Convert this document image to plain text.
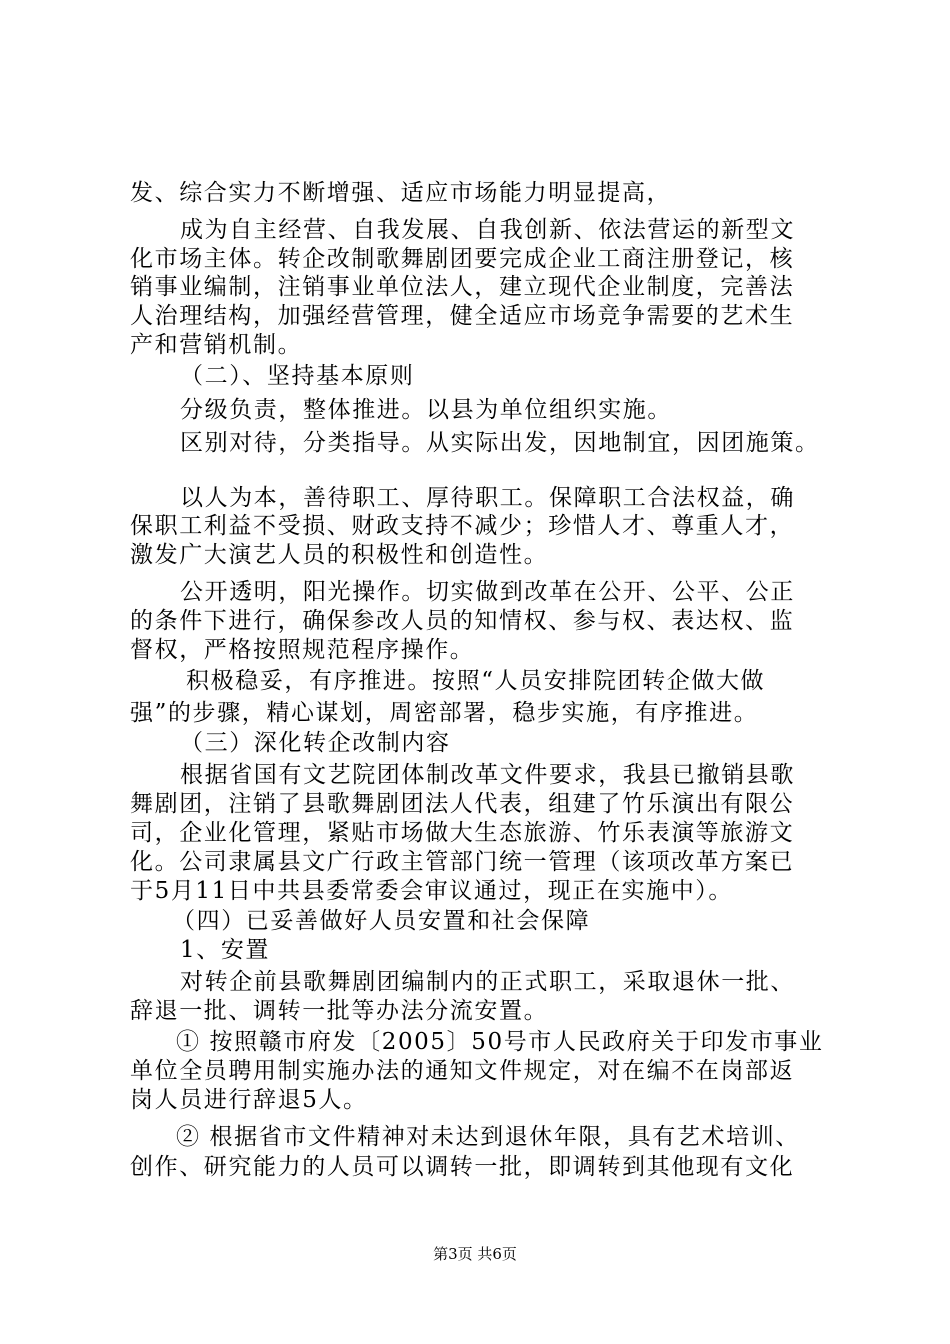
发、综合实力不断增强、适应市场能力明显提高，
成为自主经营、自我发展、自我创新、依法营运的新型文
化市场主体。转企改制歌舞剧团要完成企业工商注册登记，核
销事业编制，注销事业单位法人，建立现代企业制度，完善法
人治理结构，加强经营管理，健全适应市场竞争需要的艺术生
产和营销机制。
（二）、坚持基本原则
分级负责，整体推进。以县为单位组织实施。
区别对待，分类指导。从实际出发，因地制宜，因团施策。
以人为本，善待职工、厚待职工。保障职工合法权益，确
保职工利益不受损、财政支持不减少；珍惜人才、尊重人才，
激发广大演艺人员的积极性和创造性。
公开透明，阳光操作。切实做到改革在公开、公平、公正
的条件下进行，确保参改人员的知情权、参与权、表达权、监
督权，严格按照规范程序操作。
积极稳妥，有序推进。按照“人员安排院团转企做大做
强”的步骤，精心谋划，周密部署，稳步实施，有序推进。
（三）深化转企改制内容
根据省国有文艺院团体制改革文件要求，我县已撤销县歌
舞剧团，注销了县歌舞剧团法人代表，组建了竹乐演出有限公
司，企业化管理，紧贴市场做大生态旅游、竹乐表演等旅游文
化。公司隶属县文广行政主管部门统一管理（该项改革方案已
于5月11日中共县委常委会审议通过，现正在实施中）。
（四）已妥善做好人员安置和社会保障
1、安置
对转企前县歌舞剧团编制内的正式职工，采取退休一批、
辞退一批、调转一批等办法分流安置。
① 按照赣市府发〔2005〕50号市人民政府关于印发市事业
单位全员聘用制实施办法的通知文件规定，对在编不在岗部返
岗人员进行辞退5人。
② 根据省市文件精神对未达到退休年限，具有艺术培训、
创作、研究能力的人员可以调转一批，即调转到其他现有文化
第3页 共6页
